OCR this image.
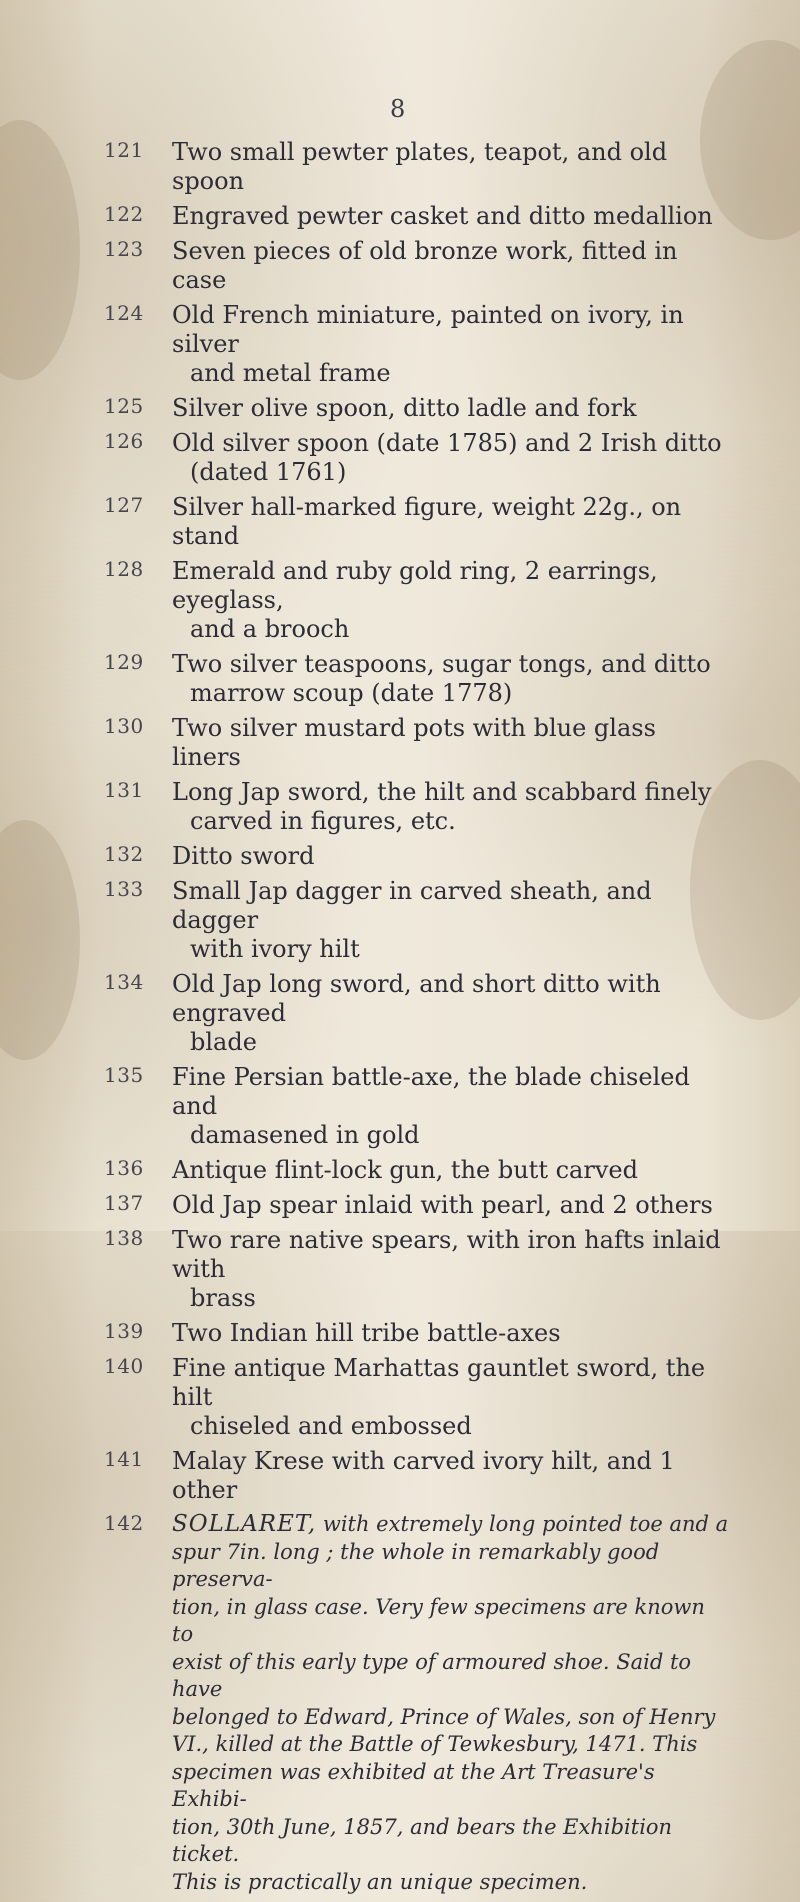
8
121	Two small pewter plates, teapot, and old spoon
122	Engraved pewter casket and ditto medallion
123	Seven pieces of old bronze work, fitted in case
124	Old French miniature, painted on ivory, in silver
and metal frame
125	Silver olive spoon, ditto ladle and fork
126	Old silver spoon (date 1785) and 2 Irish ditto
(dated 1761)
127	Silver hall-marked figure, weight 22g., on stand
128	Emerald and ruby gold ring, 2 earrings, eyeglass,
and a brooch
129	Two silver teaspoons, sugar tongs, and ditto
marrow scoup (date 1778)
130	Two silver mustard pots with blue glass liners
131	Long Jap sword, the hilt and scabbard finely
carved in figures, etc.
132	Ditto sword
133	Small Jap dagger in carved sheath, and dagger
with ivory hilt
134	Old Jap long sword, and short ditto with engraved
blade
135	Fine Persian battle-axe, the blade chiseled and
damasened in gold
136	Antique flint-lock gun, the butt carved
137	Old Jap spear inlaid with pearl, and 2 others
138	Two rare native spears, with iron hafts inlaid with
brass
139	Two Indian hill tribe battle-axes
140	Fine antique Marhattas gauntlet sword, the hilt
chiseled and embossed
141	Malay Krese with carved ivory hilt, and 1 other
142	SOLLARET, with extremely long pointed toe and a
spur 7in. long ; the whole in remarkably good preserva-
tion, in glass case. Very few specimens are known to
exist of this early type of armoured shoe. Said to have
belonged to Edward, Prince of Wales, son of Henry
VI., killed at the Battle of Tewkesbury, 1471. This
specimen was exhibited at the Art Treasure's Exhibi-
tion, 30th June, 1857, and bears the Exhibition ticket.
This is practically an unique specimen.
